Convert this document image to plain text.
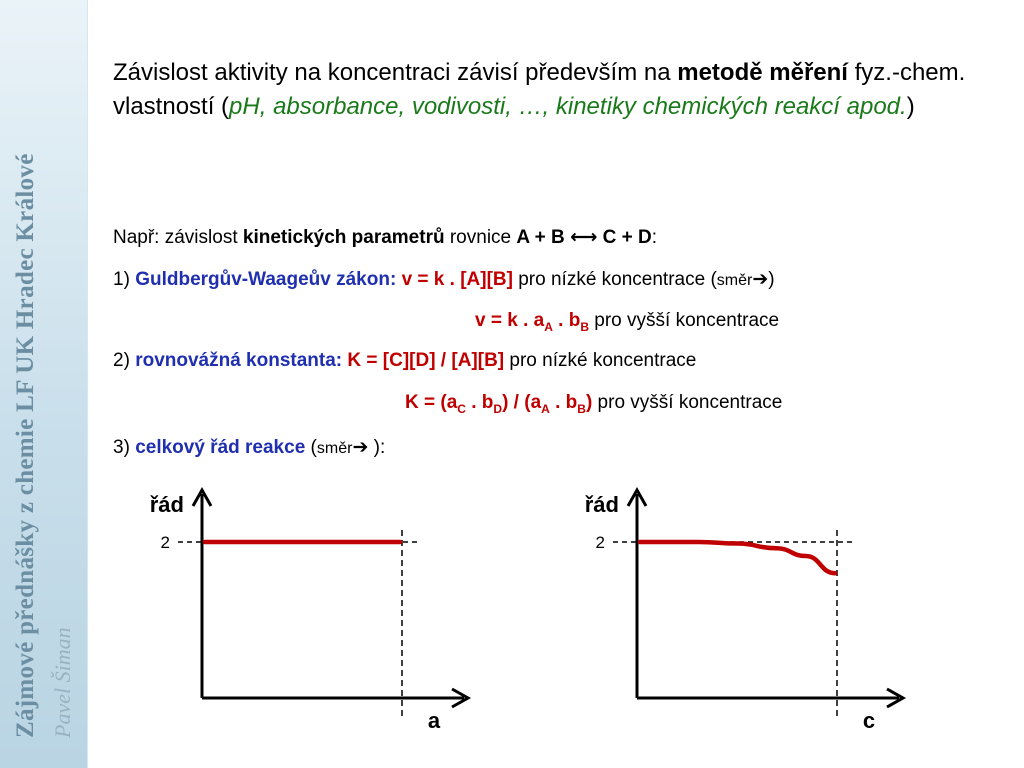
Zájmové přednášky z chemie LF UK Hradec Králové Pavel Šiman
Závislost aktivity na koncentraci závisí především na metodě měření fyz.-chem. vlastností (pH, absorbance, vodivosti, …, kinetiky chemických reakcí apod.)
Např: závislost kinetických parametrů rovnice A + B ⟷ C + D:
1) Guldbergův-Waageův zákon: v = k . [A][B] pro nízké koncentrace (směr➔)
v = k . $a_A$ . $b_B$ pro vyšší koncentrace
2) rovnovážná konstanta: K = [C][D] / [A][B] pro nízké koncentrace
$K = (a_C$ . $b_D) / (a_A$ . $b_B$) pro vyšší koncentrace
3) celkový řád reakce (směr➔ ):
2
řád
a
2
řád
c
